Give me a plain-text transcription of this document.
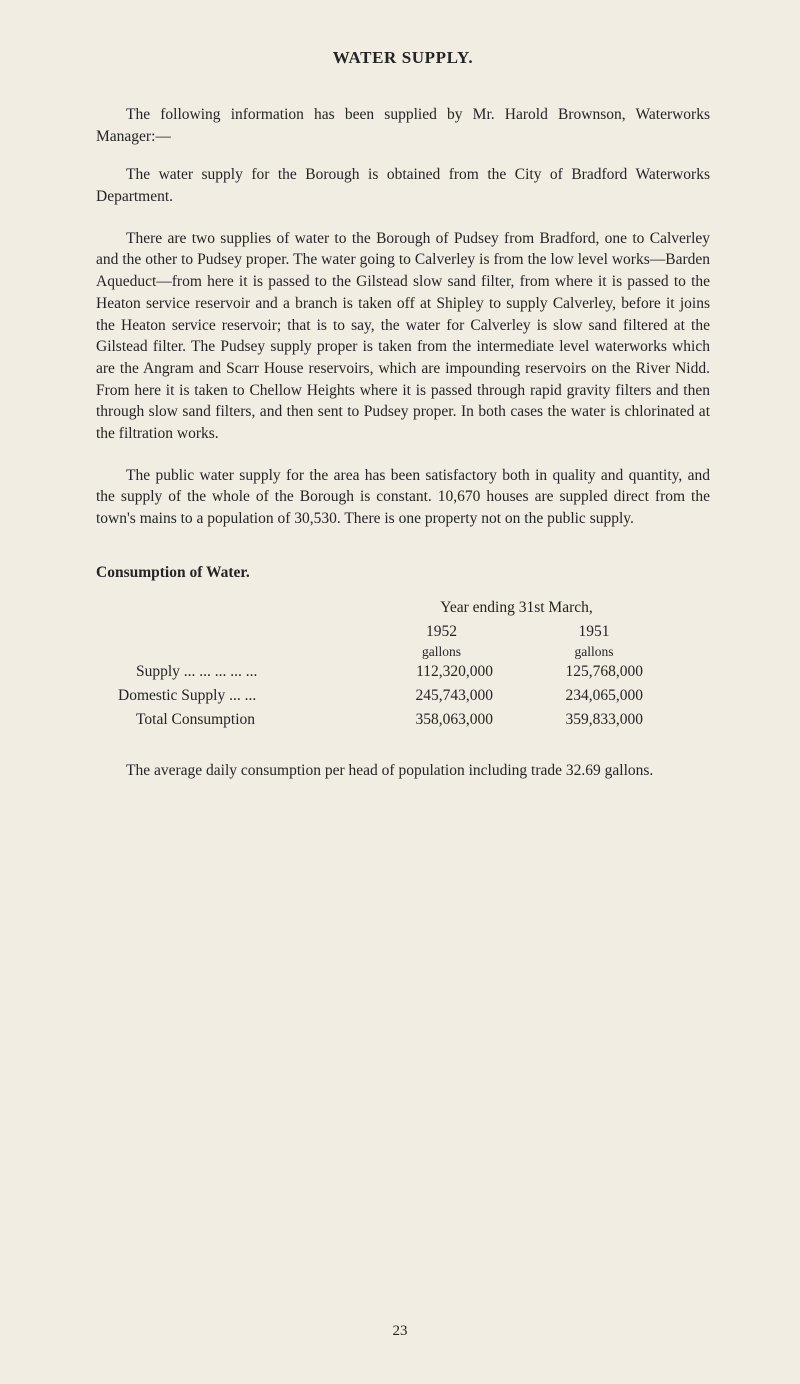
WATER SUPPLY.

The following information has been supplied by Mr. Harold Brownson, Waterworks Manager:—

The water supply for the Borough is obtained from the City of Bradford Waterworks Department.

There are two supplies of water to the Borough of Pudsey from Bradford, one to Calverley and the other to Pudsey proper. The water going to Calverley is from the low level works—Barden Aqueduct—from here it is passed to the Gilstead slow sand filter, from where it is passed to the Heaton service reservoir and a branch is taken off at Shipley to supply Calverley, before it joins the Heaton service reservoir; that is to say, the water for Calverley is slow sand filtered at the Gilstead filter. The Pudsey supply proper is taken from the intermediate level waterworks which are the Angram and Scarr House reservoirs, which are impounding reservoirs on the River Nidd. From here it is taken to Chellow Heights where it is passed through rapid gravity filters and then through slow sand filters, and then sent to Pudsey proper. In both cases the water is chlorinated at the filtration works.

The public water supply for the area has been satisfactory both in quality and quantity, and the supply of the whole of the Borough is constant. 10,670 houses are suppled direct from the town's mains to a population of 30,530. There is one property not on the public supply.

Consumption of Water.
Year ending 31st March,
1952	1951
gallons	gallons
Supply ... ... ... ... ...	112,320,000	125,768,000
Domestic Supply ... ...	245,743,000	234,065,000
Total Consumption	358,063,000	359,833,000

The average daily consumption per head of population including trade 32.69 gallons.

23
